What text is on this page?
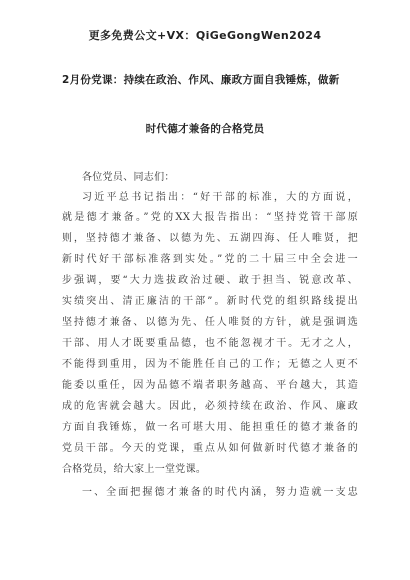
更多免费公文+VX：QiGeGongWen2024
2月份党课：持续在政治、作风、廉政方面自我锤炼，做新
时代德才兼备的合格党员
各位党员、同志们：
习近平总书记指出：“好干部的标准，大的方面说，
就是德才兼备。”党的XX大报告指出：“坚持党管干部原
则，坚持德才兼备、以德为先、五湖四海、任人唯贤，把
新时代好干部标准落到实处。”党的二十届三中全会进一
步强调，要“大力选拔政治过硬、敢于担当、锐意改革、
实绩突出、清正廉洁的干部”。新时代党的组织路线提出
坚持德才兼备、以德为先、任人唯贤的方针，就是强调选
干部、用人才既要重品德，也不能忽视才干。无才之人，
不能得到重用，因为不能胜任自己的工作；无德之人更不
能委以重任，因为品德不端者职务越高、平台越大，其造
成的危害就会越大。因此，必须持续在政治、作风、廉政
方面自我锤炼，做一名可堪大用、能担重任的德才兼备的
党员干部。今天的党课，重点从如何做新时代德才兼备的
合格党员，给大家上一堂党课。
一、全面把握德才兼备的时代内涵，努力造就一支忠
